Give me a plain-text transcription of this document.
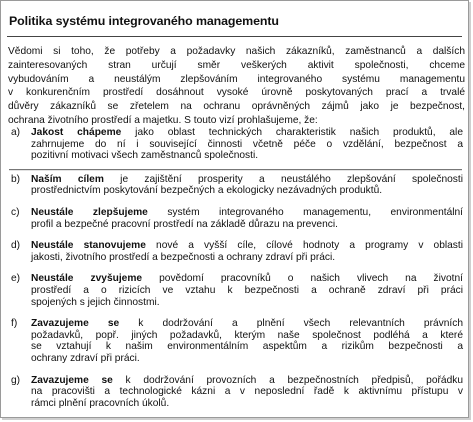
Politika systému integrovaného managementu
Vědomi si toho, že potřeby a požadavky našich zákazníků, zaměstnanců a dalších
zainteresovaných stran určují směr veškerých aktivit společnosti, chceme
vybudováním a neustálým zlepšováním integrovaného systému managementu
v konkurenčním prostředí dosáhnout vysoké úrovně poskytovaných prací a trvalé
důvěry zákazníků se zřetelem na ochranu oprávněných zájmů jako je bezpečnost,
ochrana životního prostředí a majetku. S touto vizí prohlašujeme, že:
a) Jakost chápeme jako oblast technických charakteristik našich produktů, ale
zahrnujeme do ní i související činnosti včetně péče o vzdělání, bezpečnost a
pozitivní motivaci všech zaměstnanců společnosti.
b) Naším cílem je zajištění prosperity a neustálého zlepšování společnosti
prostřednictvím poskytování bezpečných a ekologicky nezávadných produktů.
c) Neustále zlepšujeme systém integrovaného managementu, environmentální
profil a bezpečné pracovní prostředí na základě důrazu na prevenci.
d) Neustále stanovujeme nové a vyšší cíle, cílové hodnoty a programy v oblasti
jakosti, životního prostředí a bezpečnosti a ochrany zdraví při práci.
e) Neustále zvyšujeme povědomí pracovníků o našich vlivech na životní
prostředí a o rizicích ve vztahu k bezpečnosti a ochraně zdraví při práci
spojených s jejich činnostmi.
f) Zavazujeme se k dodržování a plnění všech relevantních právních
požadavků, popř. jiných požadavků, kterým naše společnost podléhá a které
se vztahují k našim environmentálním aspektům a rizikům bezpečnosti a
ochrany zdraví při práci.
g) Zavazujeme se k dodržování provozních a bezpečnostních předpisů, pořádku
na pracovišti a technologické kázni a v neposlední řadě k aktivnímu přístupu v
rámci plnění pracovních úkolů.
